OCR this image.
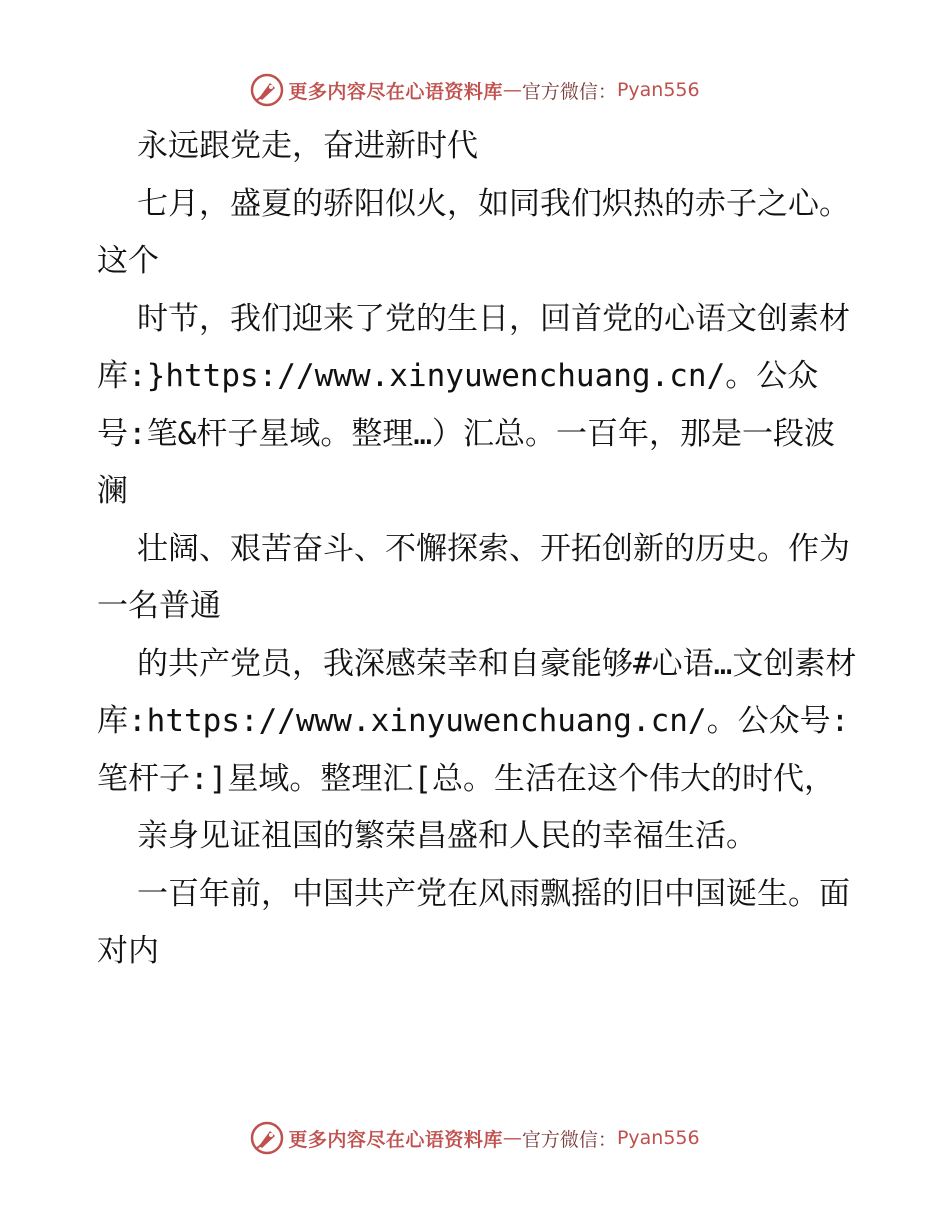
更多内容尽在心语资料库 — 官方微信： Pyan556

永远跟党走，奋进新时代

七月，盛夏的骄阳似火，如同我们炽热的赤子之心。这个

时节，我们迎来了党的生日，回首党的心语文创素材库:}https://www.xinyuwenchuang.cn/。公众号:笔&杆子星域。整理…）汇总。一百年，那是一段波澜

壮阔、艰苦奋斗、不懈探索、开拓创新的历史。作为一名普通

的共产党员，我深感荣幸和自豪能够#心语…文创素材库:https://www.xinyuwenchuang.cn/。公众号:笔杆子:]星域。整理汇[总。生活在这个伟大的时代，

亲身见证祖国的繁荣昌盛和人民的幸福生活。

一百年前，中国共产党在风雨飘摇的旧中国诞生。面对内

更多内容尽在心语资料库 — 官方微信： Pyan556
